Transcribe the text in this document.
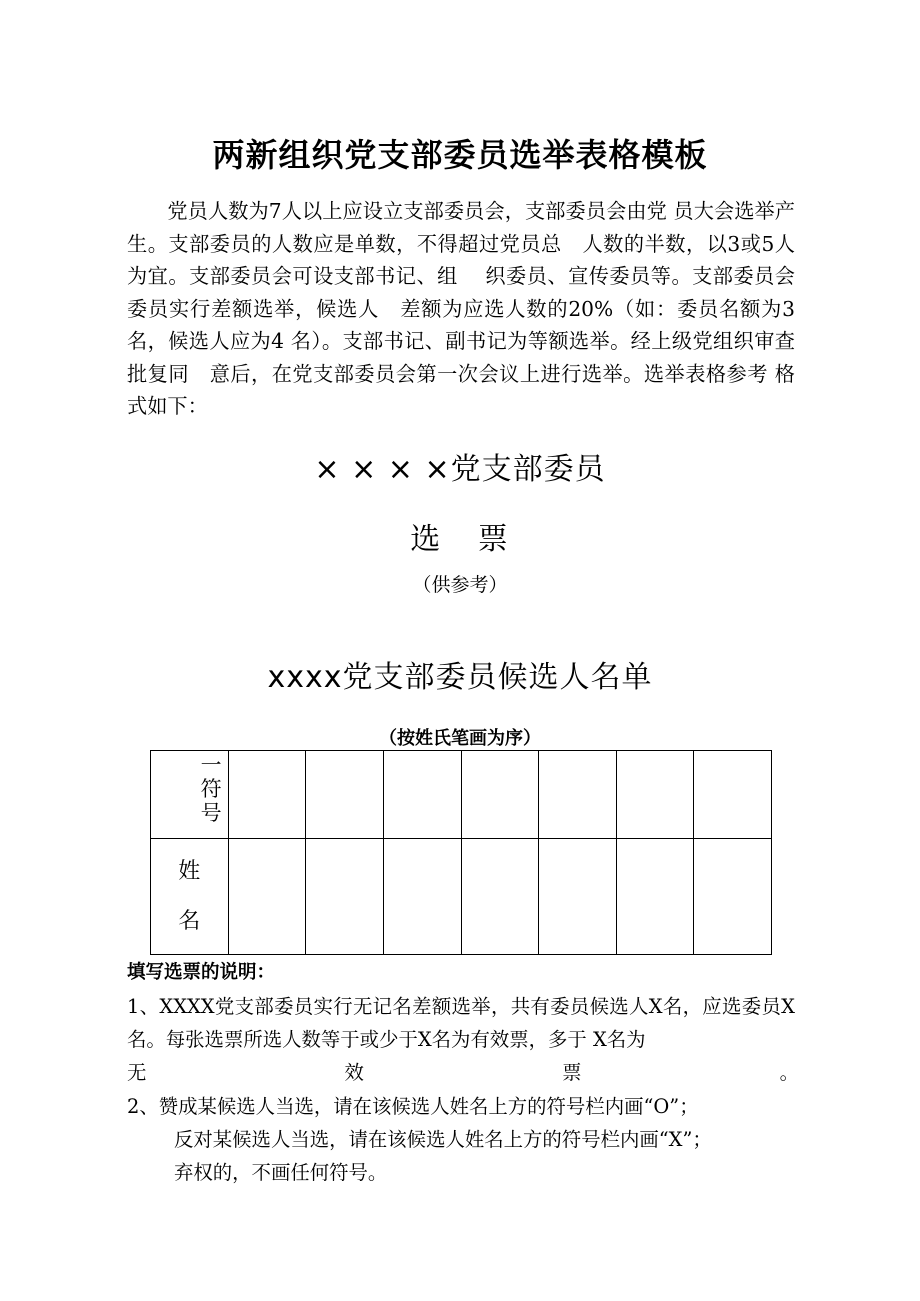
两新组织党支部委员选举表格模板

党员人数为7人以上应设立支部委员会，支部委员会由党 员大会选举产生。支部委员的人数应是单数，不得超过党员总　人数的半数，以3或5人为宜。支部委员会可设支部书记、组　 织委员、宣传委员等。支部委员会委员实行差额选举，候选人　差额为应选人数的20%（如：委员名额为3名，候选人应为4 名）。支部书记、副书记为等额选举。经上级党组织审查批复同　意后，在党支部委员会第一次会议上进行选举。选举表格参考 格式如下：

× × × ×党支部委员
选 票
（供参考）
xxxx党支部委员候选人名单
（按姓氏笔画为序）
一
符
号							

姓
名							

填写选票的说明：
1、XXXX党支部委员实行无记名差额选举，共有委员候选人X名，应选委员X名。每张选票所选人数等于或少于X名为有效票，多于 X名为
无	效	票	。
2、赞成某候选人当选，请在该候选人姓名上方的符号栏内画“O”；
反对某候选人当选，请在该候选人姓名上方的符号栏内画“X”；
弃权的，不画任何符号。
